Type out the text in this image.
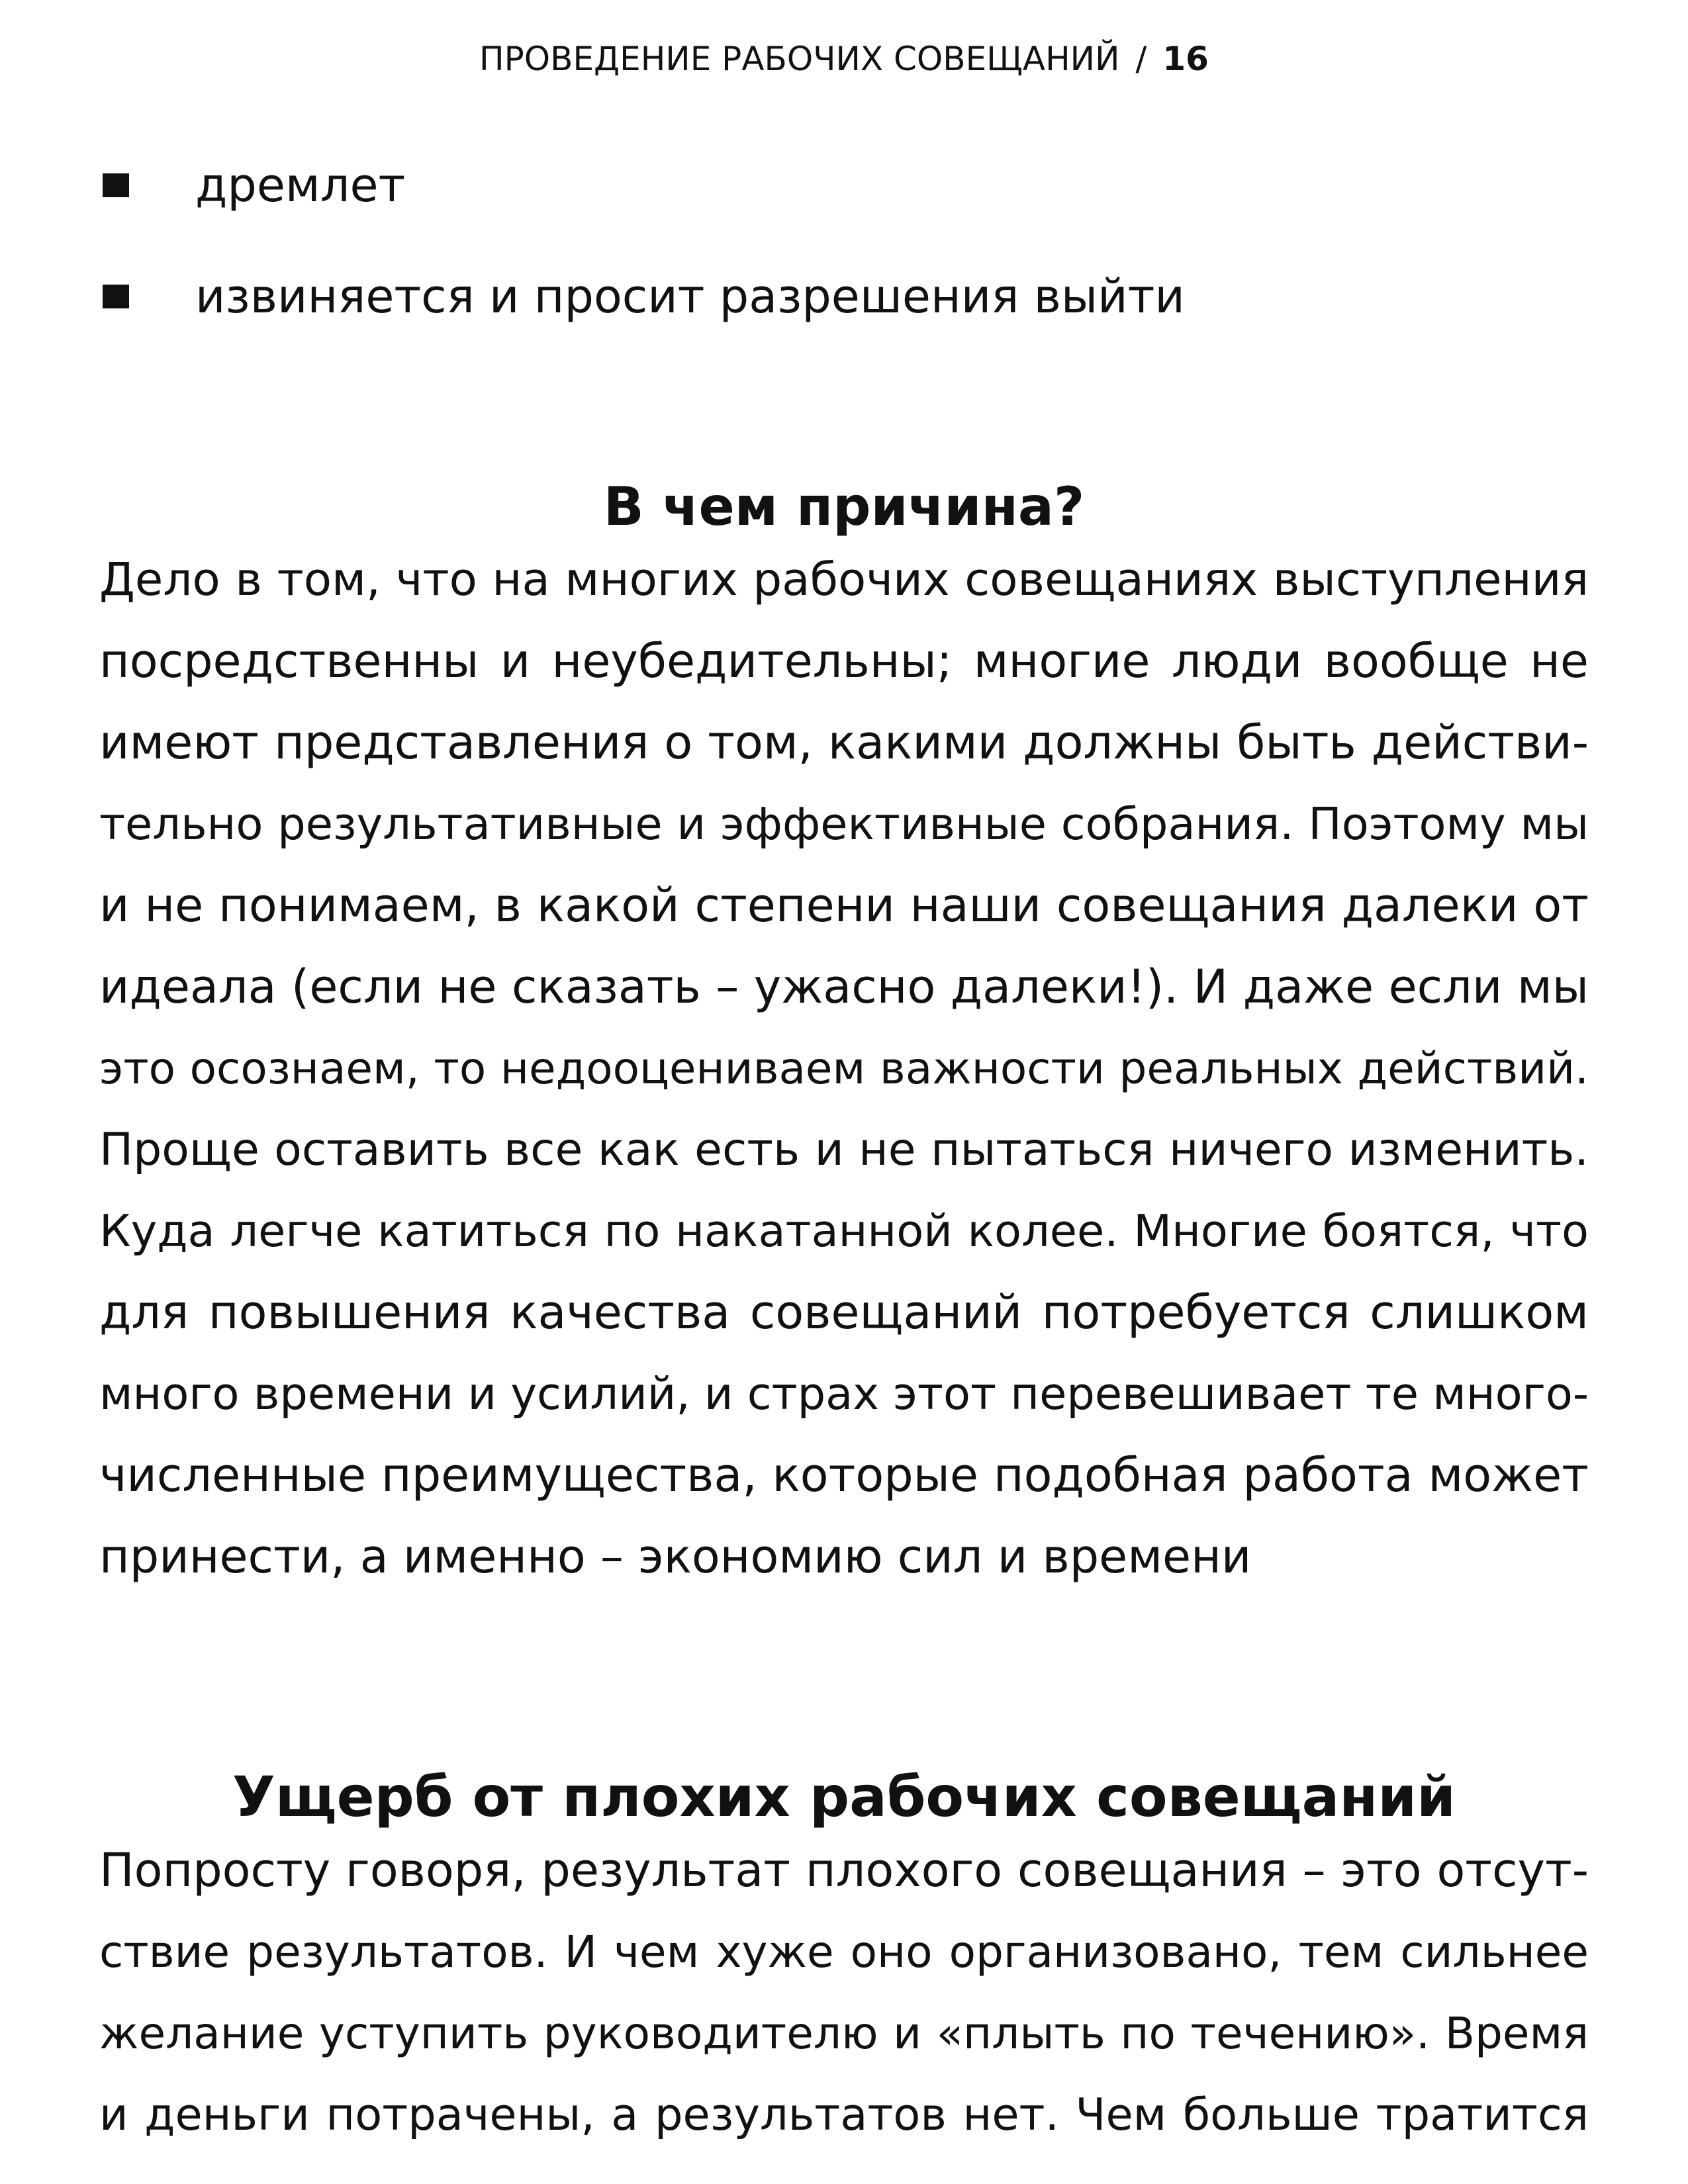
ПРОВЕДЕНИЕ РАБОЧИХ СОВЕЩАНИЙ / 16
дремлет
извиняется и просит разрешения выйти
В чем причина?

Дело в том, что на многих рабочих совещаниях выступления
посредственны и неубедительны; многие люди вообще не
имеют представления о том, какими должны быть действи-
тельно результативные и эффективные собрания. Поэтому мы
и не понимаем, в какой степени наши совещания далеки от
идеала (если не сказать – ужасно далеки!). И даже если мы
это осознаем, то недооцениваем важности реальных действий.
Проще оставить все как есть и не пытаться ничего изменить.
Куда легче катиться по накатанной колее. Многие боятся, что
для повышения качества совещаний потребуется слишком
много времени и усилий, и страх этот перевешивает те много-
численные преимущества, которые подобная работа может
принести, а именно – экономию сил и времени

Ущерб от плохих рабочих совещаний

Попросту говоря, результат плохого совещания – это отсут-
ствие результатов. И чем хуже оно организовано, тем сильнее
желание уступить руководителю и «плыть по течению». Время
и деньги потрачены, а результатов нет. Чем больше тратится
